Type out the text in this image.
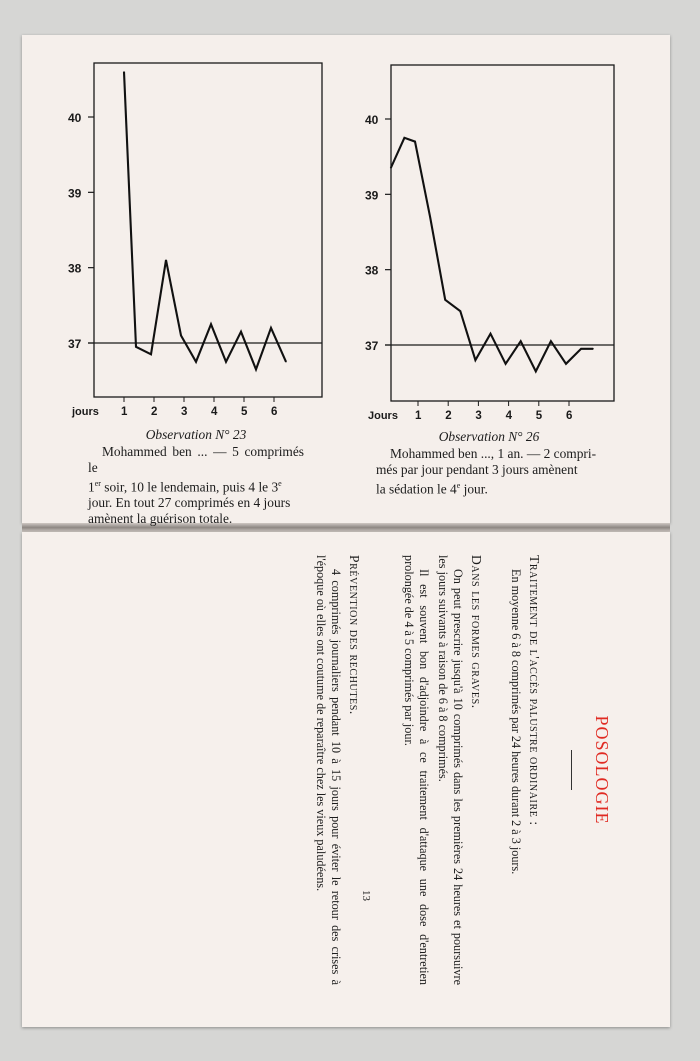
37
38
39
40
jours 1 2 3 4 5 6
37
38
39
40
Jours 1 2 3 4 5 6
Observation N° 23

Mohammed ben ... — 5 comprimés le

1er soir, 10 le lendemain, puis 4 le 3e
jour. En tout 27 comprimés en 4 jours
amènent la guérison totale.
Observation N° 26

Mohammed ben ..., 1 an. — 2 compri-

més par jour pendant 3 jours amènent
la sédation le 4e jour.
POSOLOGIE
Traitement de l'accès palustre ordinaire :

En moyenne 6 à 8 comprimés par 24 heures durant 2 à 3 jours.

Dans les formes graves.

On peut prescrire jusqu'à 10 comprimés dans les premières 24 heures et poursuivre les jours suivants à raison de 6 à 8 comprimés.

Il est souvent bon d'adjoindre à ce traitement d'attaque une dose d'entretien prolongée de 4 à 5 comprimés par jour.

Prévention des rechutes.

4 comprimés journaliers pendant 10 à 15 jours pour éviter le retour des crises à l'époque où elles ont coutume de reparaître chez les vieux paludéens.

13
